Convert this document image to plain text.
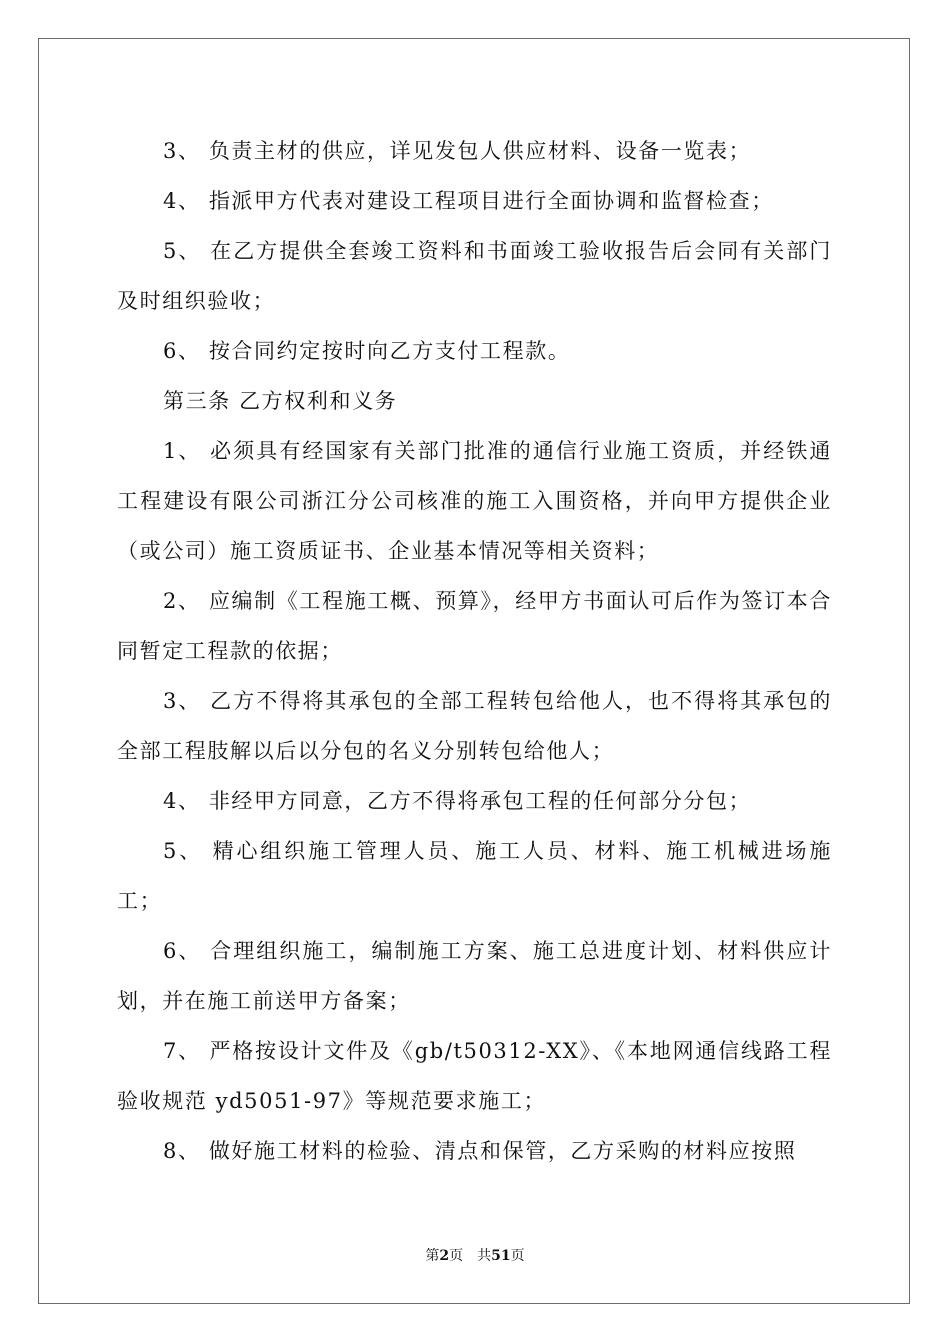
3、 负责主材的供应，详见发包人供应材料、设备一览表；

4、 指派甲方代表对建设工程项目进行全面协调和监督检查；

5、 在乙方提供全套竣工资料和书面竣工验收报告后会同有关部门及时组织验收；

6、 按合同约定按时向乙方支付工程款。

第三条 乙方权利和义务

1、 必须具有经国家有关部门批准的通信行业施工资质，并经铁通工程建设有限公司浙江分公司核准的施工入围资格，并向甲方提供企业（或公司）施工资质证书、企业基本情况等相关资料；

2、 应编制《工程施工概、预算》，经甲方书面认可后作为签订本合同暂定工程款的依据；

3、 乙方不得将其承包的全部工程转包给他人，也不得将其承包的全部工程肢解以后以分包的名义分别转包给他人；

4、 非经甲方同意，乙方不得将承包工程的任何部分分包；

5、 精心组织施工管理人员、施工人员、材料、施工机械进场施工；

6、 合理组织施工，编制施工方案、施工总进度计划、材料供应计划，并在施工前送甲方备案；

7、 严格按设计文件及《gb/t50312-XX》、《本地网通信线路工程验收规范 yd5051-97》等规范要求施工；

8、 做好施工材料的检验、清点和保管，乙方采购的材料应按照

第2页 共51页
